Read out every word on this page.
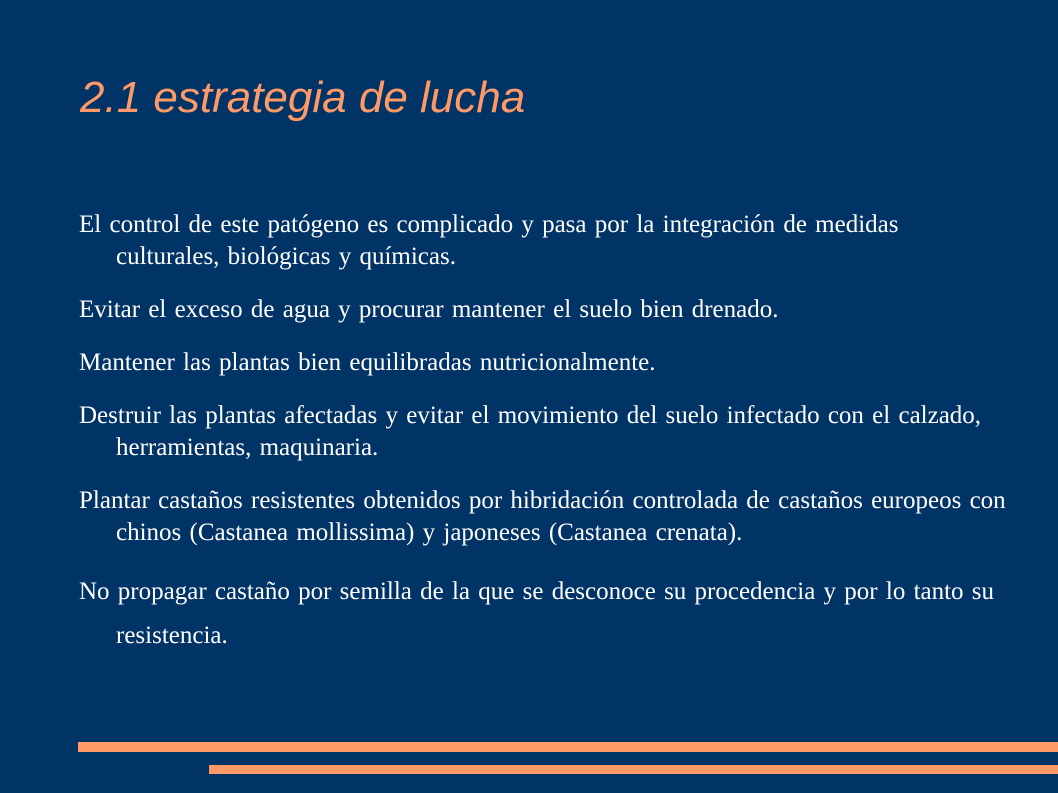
2.1 estrategia de lucha
El control de este patógeno es complicado y pasa por la integración de medidas culturales, biológicas y químicas.
Evitar el exceso de agua y procurar mantener el suelo bien drenado.
Mantener las plantas bien equilibradas nutricionalmente.
Destruir las plantas afectadas y evitar el movimiento del suelo infectado con el calzado, herramientas, maquinaria.
Plantar castaños resistentes obtenidos por hibridación controlada de castaños europeos con chinos (Castanea mollissima) y japoneses (Castanea crenata).
No propagar castaño por semilla de la que se desconoce su procedencia y por lo tanto su resistencia.
